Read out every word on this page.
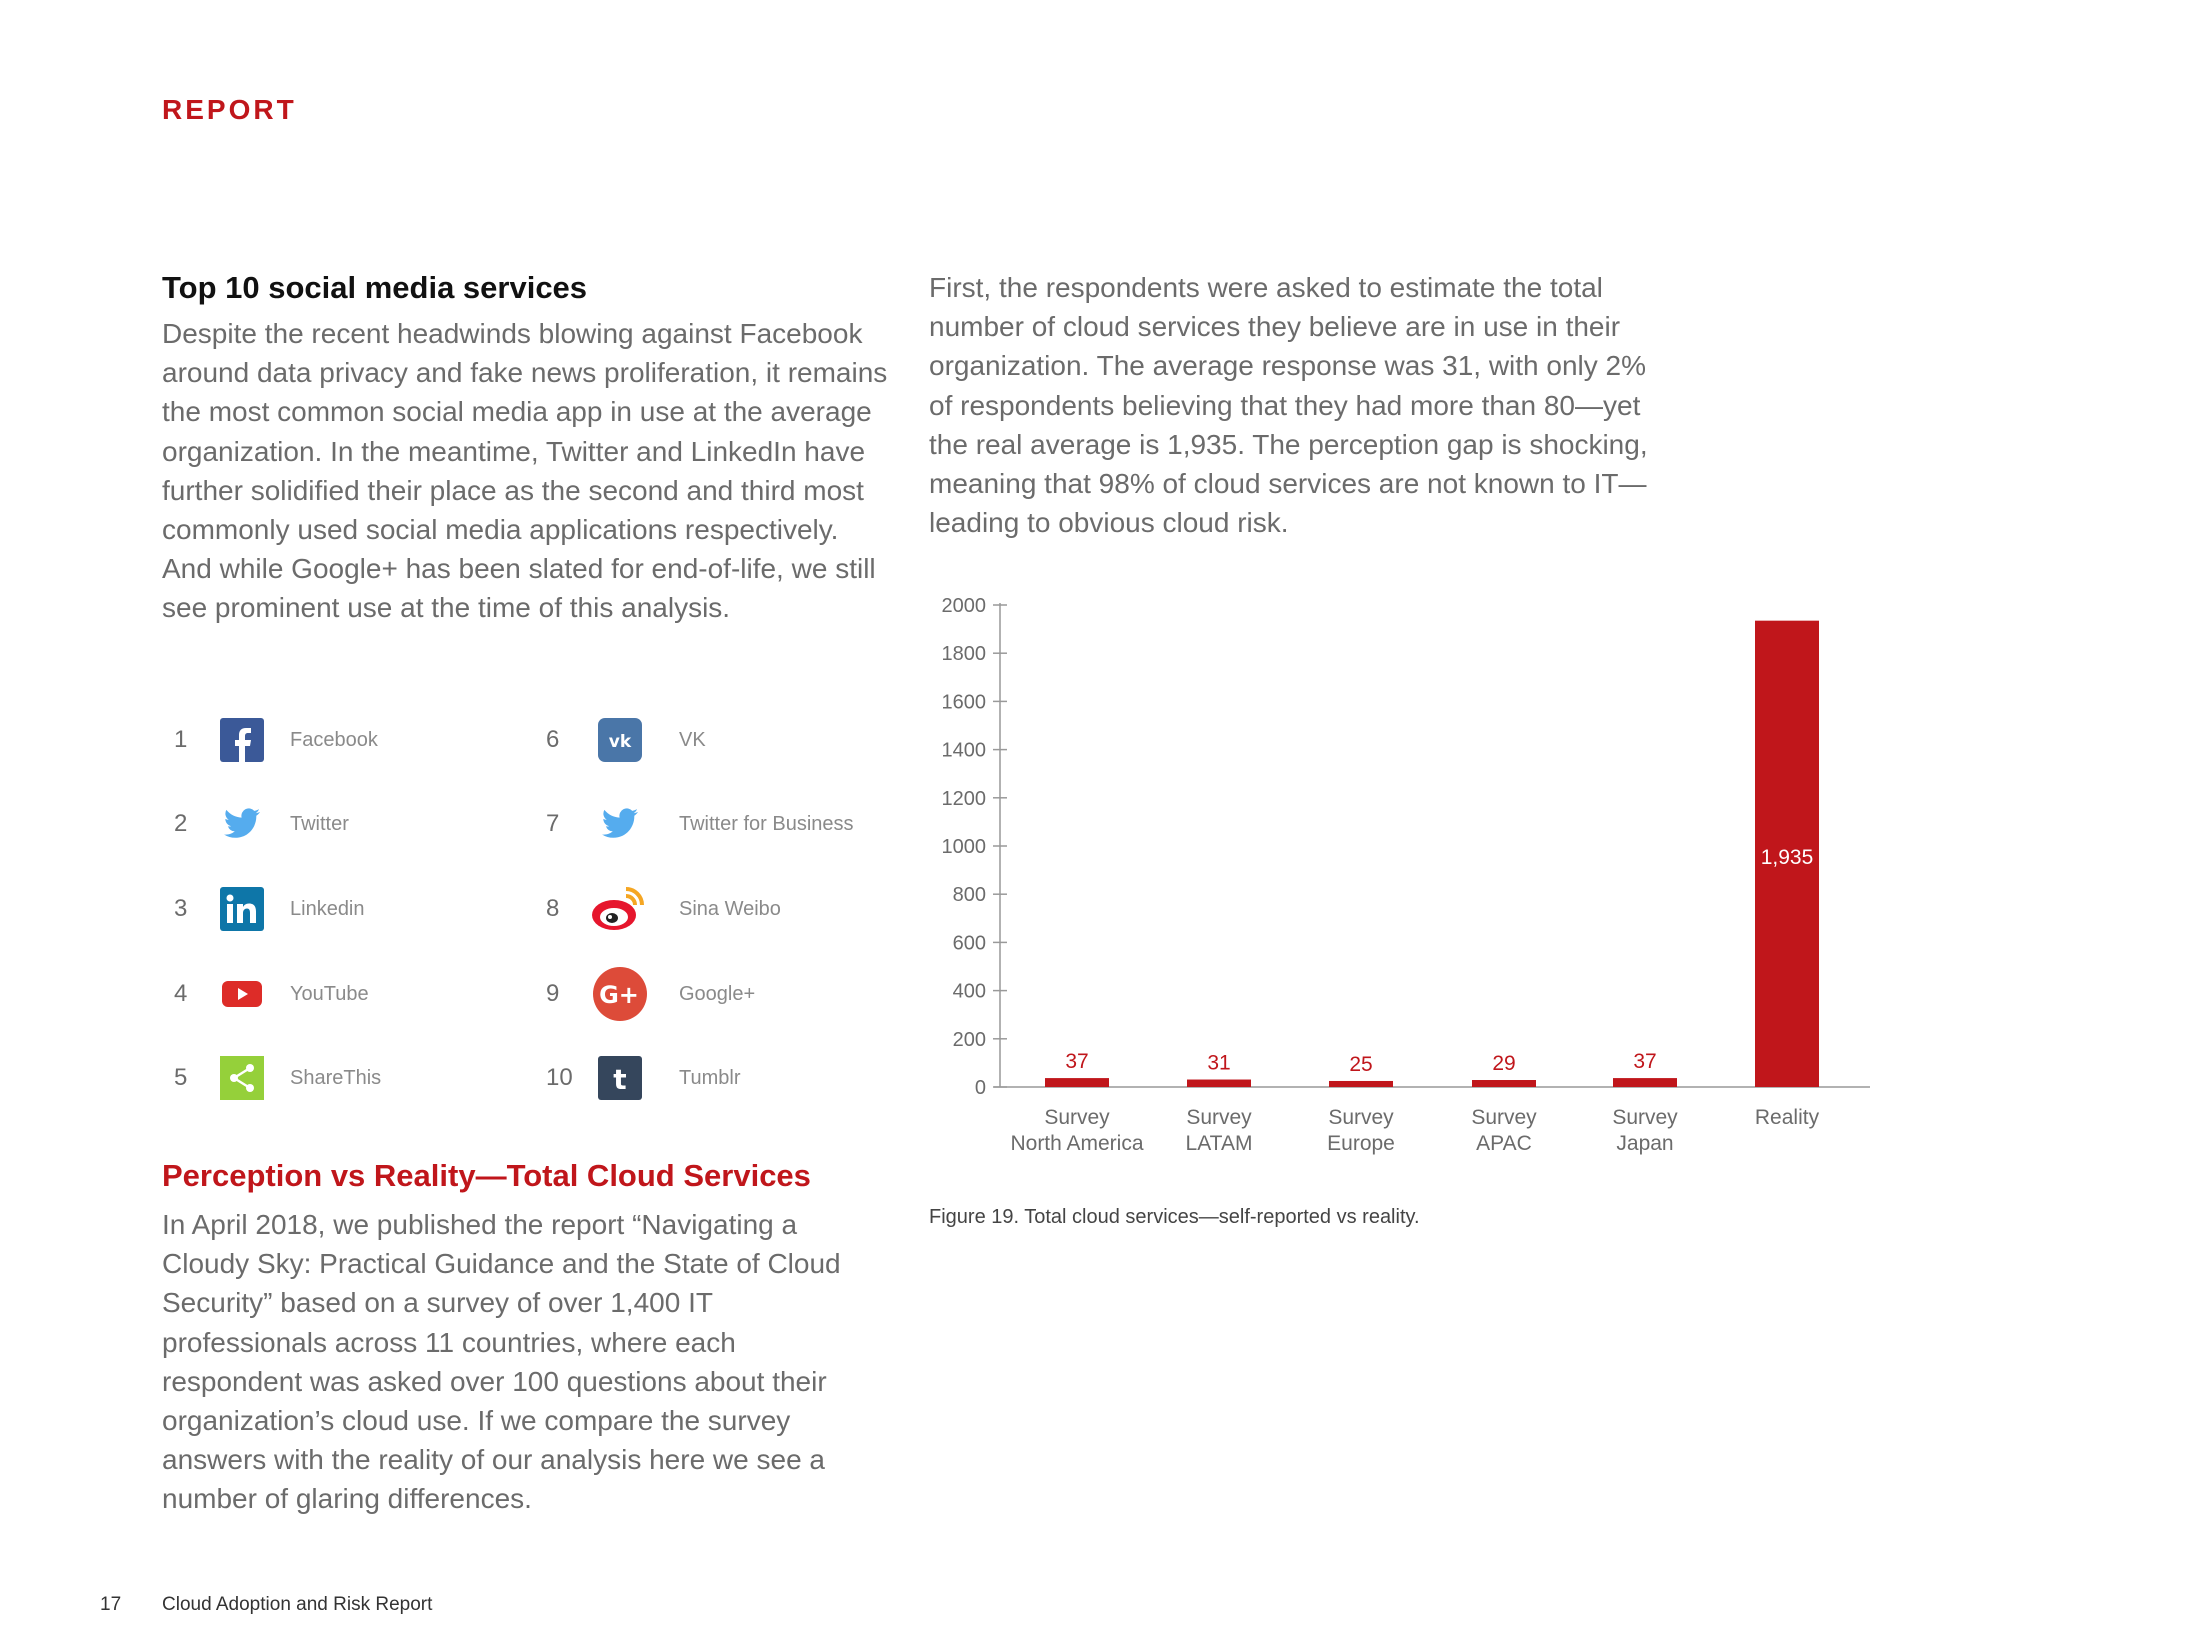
REPORT
Top 10 social media services

Despite the recent headwinds blowing against Facebook around data privacy and fake news proliferation, it remains the most common social media app in use at the average organization. In the meantime, Twitter and LinkedIn have further solidified their place as the second and third most commonly used social media applications respectively. And while Google+ has been slated for end-of-life, we still see prominent use at the time of this analysis.

1	Facebook
2	Twitter
3	Linkedin
4	YouTube
5	ShareThis
6	vk VK
7	Twitter for Business
8	Sina Weibo
9 G+ Google+
10 t	Tumblr
Perception vs Reality—Total Cloud Services

In April 2018, we published the report “Navigating a Cloudy Sky: Practical Guidance and the State of Cloud Security” based on a survey of over 1,400 IT professionals across 11 countries, where each respondent was asked over 100 questions about their organization’s cloud use. If we compare the survey answers with the reality of our analysis here we see a number of glaring differences.

First, the respondents were asked to estimate the total number of cloud services they believe are in use in their organization. The average response was 31, with only 2% of respondents believing that they had more than 80—yet the real average is 1,935. The perception gap is shocking, meaning that 98% of cloud services are not known to IT—leading to obvious cloud risk.

0
200
400
600
800
1000
1200
1400
1600
1800
2000
37
Survey
North America
31
Survey
LATAM
25
Survey
Europe
29
Survey
APAC
37
Survey
Japan
1,935
Reality
Figure 19. Total cloud services—self-reported vs reality.
17 Cloud Adoption and Risk Report
